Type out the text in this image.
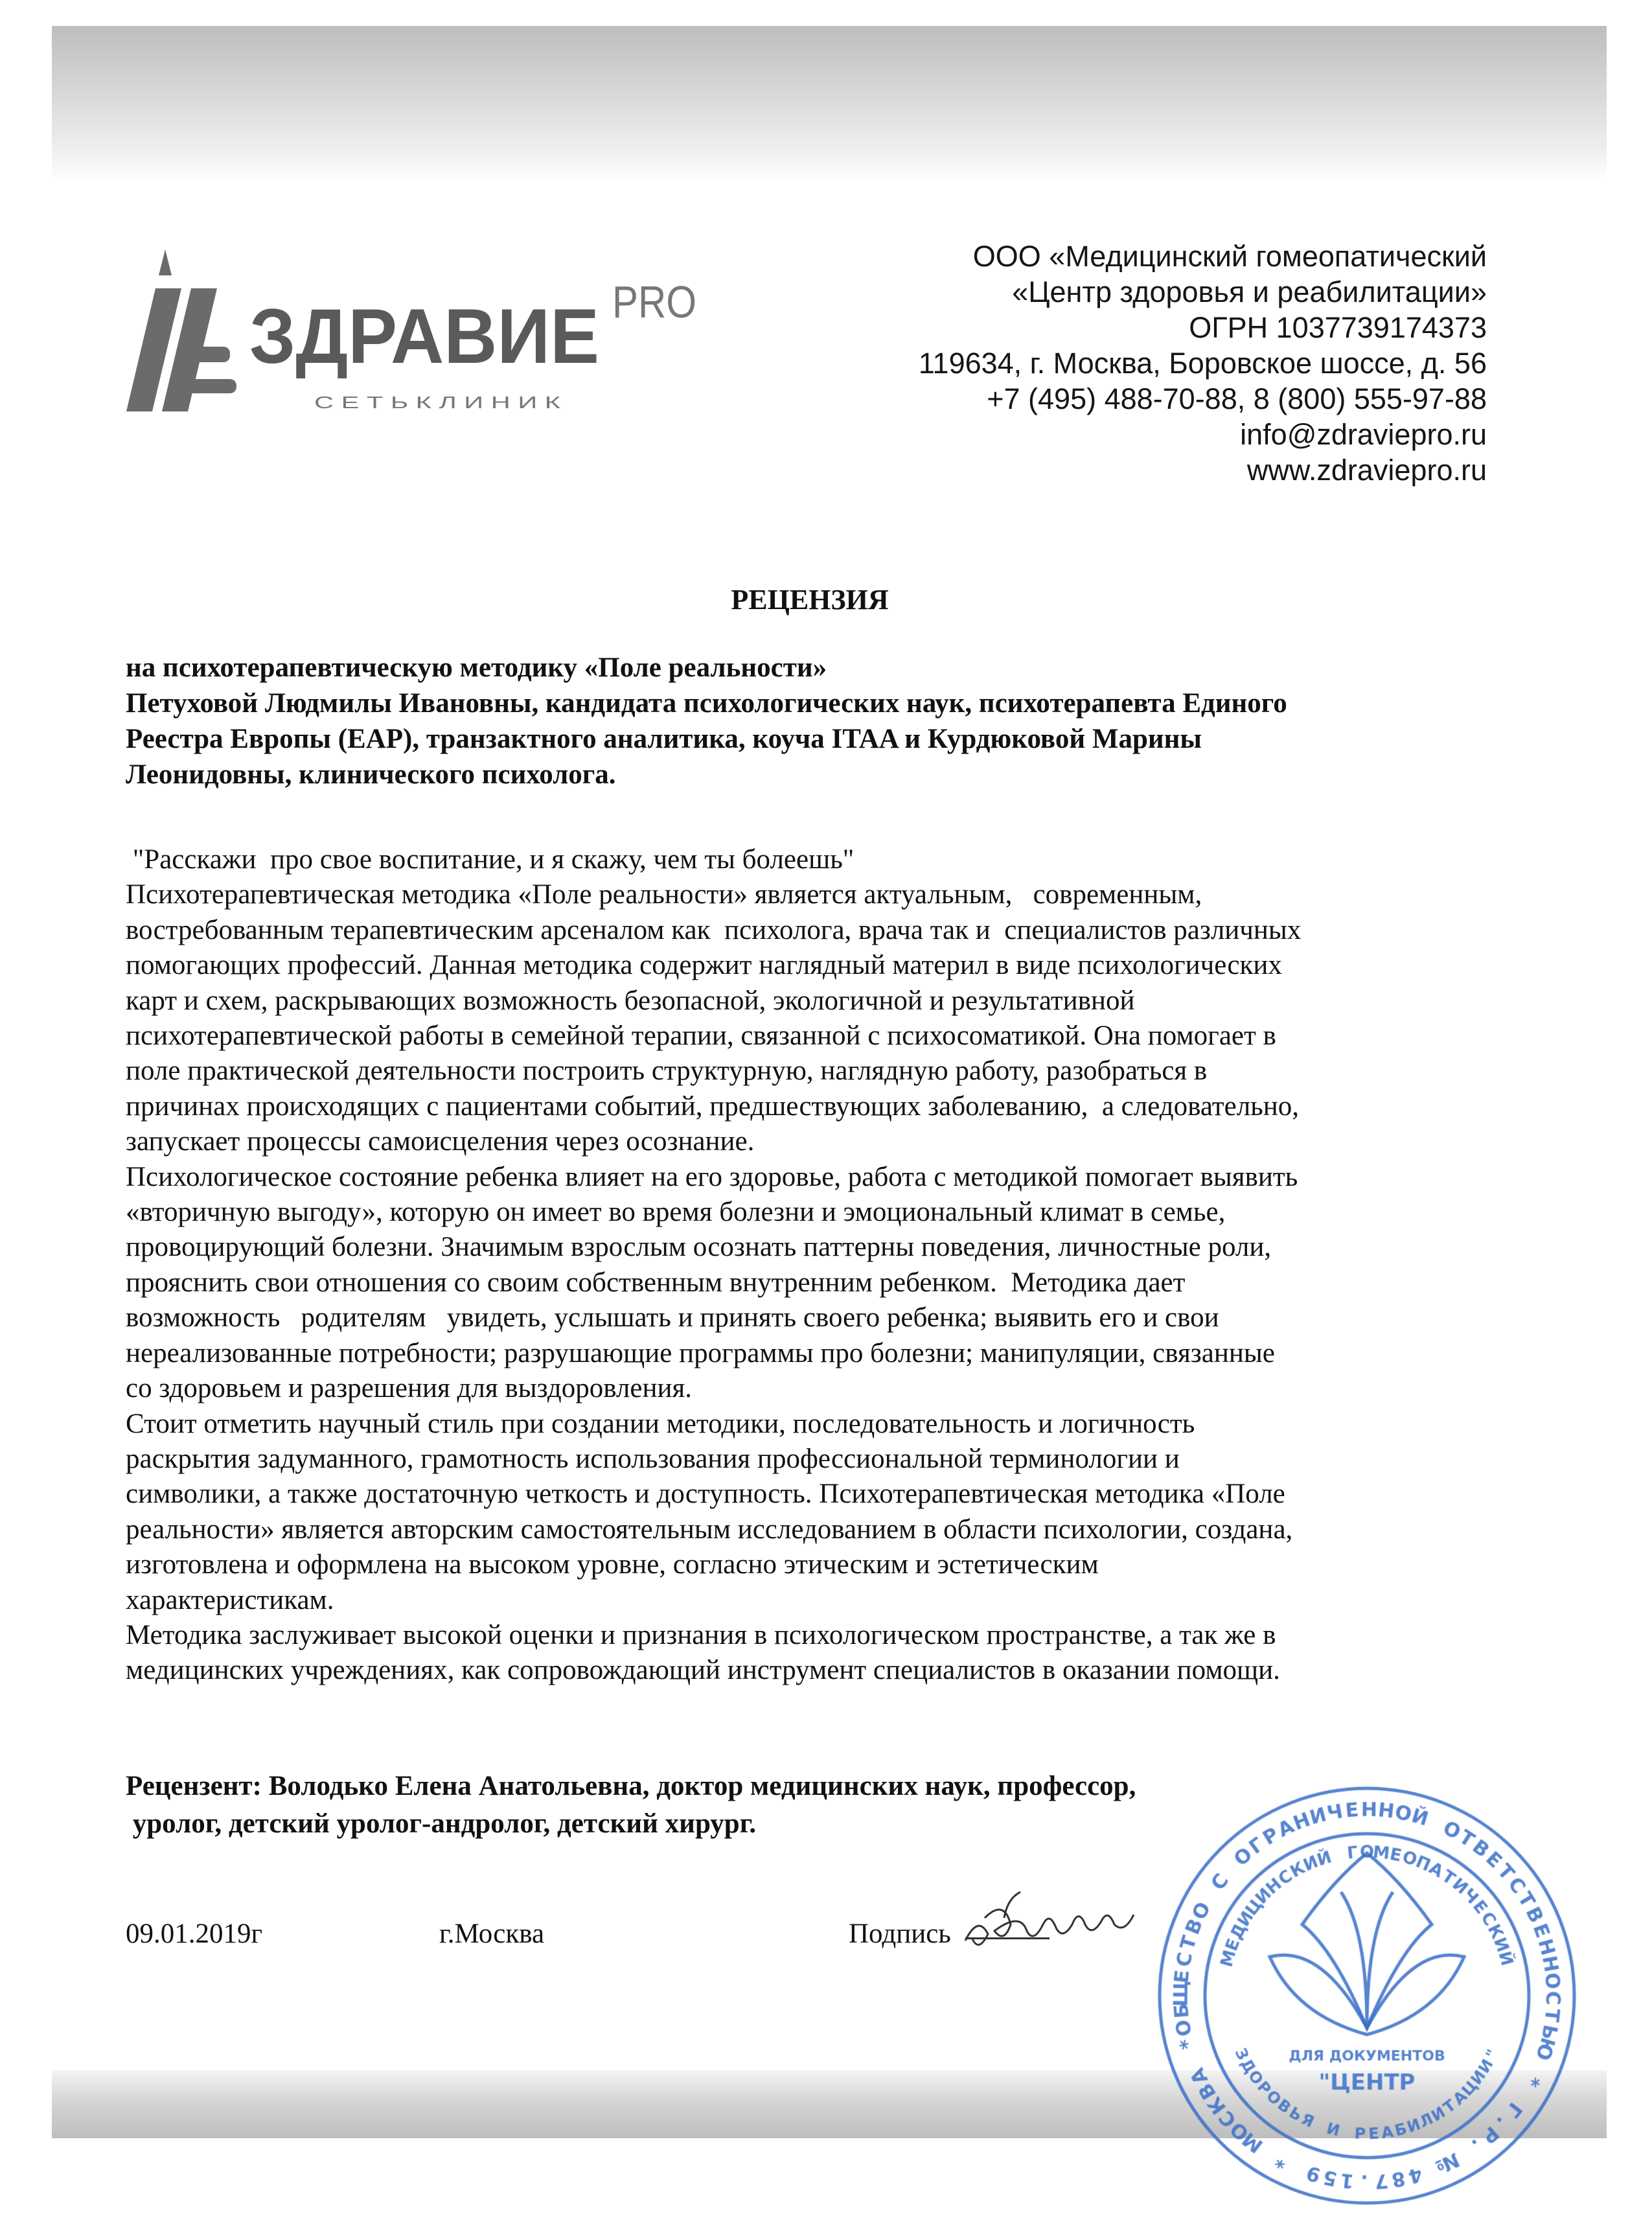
ЗДРАВИЕ PRO
С Е Т Ь К Л И Н И К
ООО «Медицинский гомеопатический
«Центр здоровья и реабилитации»
ОГРН 1037739174373
119634, г. Москва, Боровское шоссе, д. 56
+7 (495) 488-70-88, 8 (800) 555-97-88
info@zdraviepro.ru
www.zdraviepro.ru
РЕЦЕНЗИЯ
на психотерапевтическую методику «Поле реальности»
Петуховой Людмилы Ивановны, кандидата психологических наук, психотерапевта Единого
Реестра Европы (ЕАР), транзактного аналитика, коуча ITAA и Курдюковой Марины
Леонидовны, клинического психолога.
"Расскажи  про свое воспитание, и я скажу, чем ты болеешь"
Психотерапевтическая методика «Поле реальности» является актуальным,   современным,
востребованным терапевтическим арсеналом как  психолога, врача так и  специалистов различных
помогающих профессий. Данная методика содержит наглядный материл в виде психологических
карт и схем, раскрывающих возможность безопасной, экологичной и результативной
психотерапевтической работы в семейной терапии, связанной с психосоматикой. Она помогает в
поле практической деятельности построить структурную, наглядную работу, разобраться в
причинах происходящих с пациентами событий, предшествующих заболеванию,  а следовательно,
запускает процессы самоисцеления через осознание.
Психологическое состояние ребенка влияет на его здоровье, работа с методикой помогает выявить
«вторичную выгоду», которую он имеет во время болезни и эмоциональный климат в семье,
провоцирующий болезни. Значимым взрослым осознать паттерны поведения, личностные роли,
прояснить свои отношения со своим собственным внутренним ребенком.  Методика дает
возможность   родителям   увидеть, услышать и принять своего ребенка; выявить его и свои
нереализованные потребности; разрушающие программы про болезни; манипуляции, связанные
со здоровьем и разрешения для выздоровления.
Стоит отметить научный стиль при создании методики, последовательность и логичность
раскрытия задуманного, грамотность использования профессиональной терминологии и
символики, а также достаточную четкость и доступность. Психотерапевтическая методика «Поле
реальности» является авторским самостоятельным исследованием в области психологии, создана,
изготовлена и оформлена на высоком уровне, согласно этическим и эстетическим
характеристикам.
Методика заслуживает высокой оценки и признания в психологическом пространстве, а так же в
медицинских учреждениях, как сопровождающий инструмент специалистов в оказании помощи.
Рецензент: Володько Елена Анатольевна, доктор медицинских наук, профессор,
уролог, детский уролог-андролог, детский хирург.
09.01.2019г	г.Москва	Подпись
